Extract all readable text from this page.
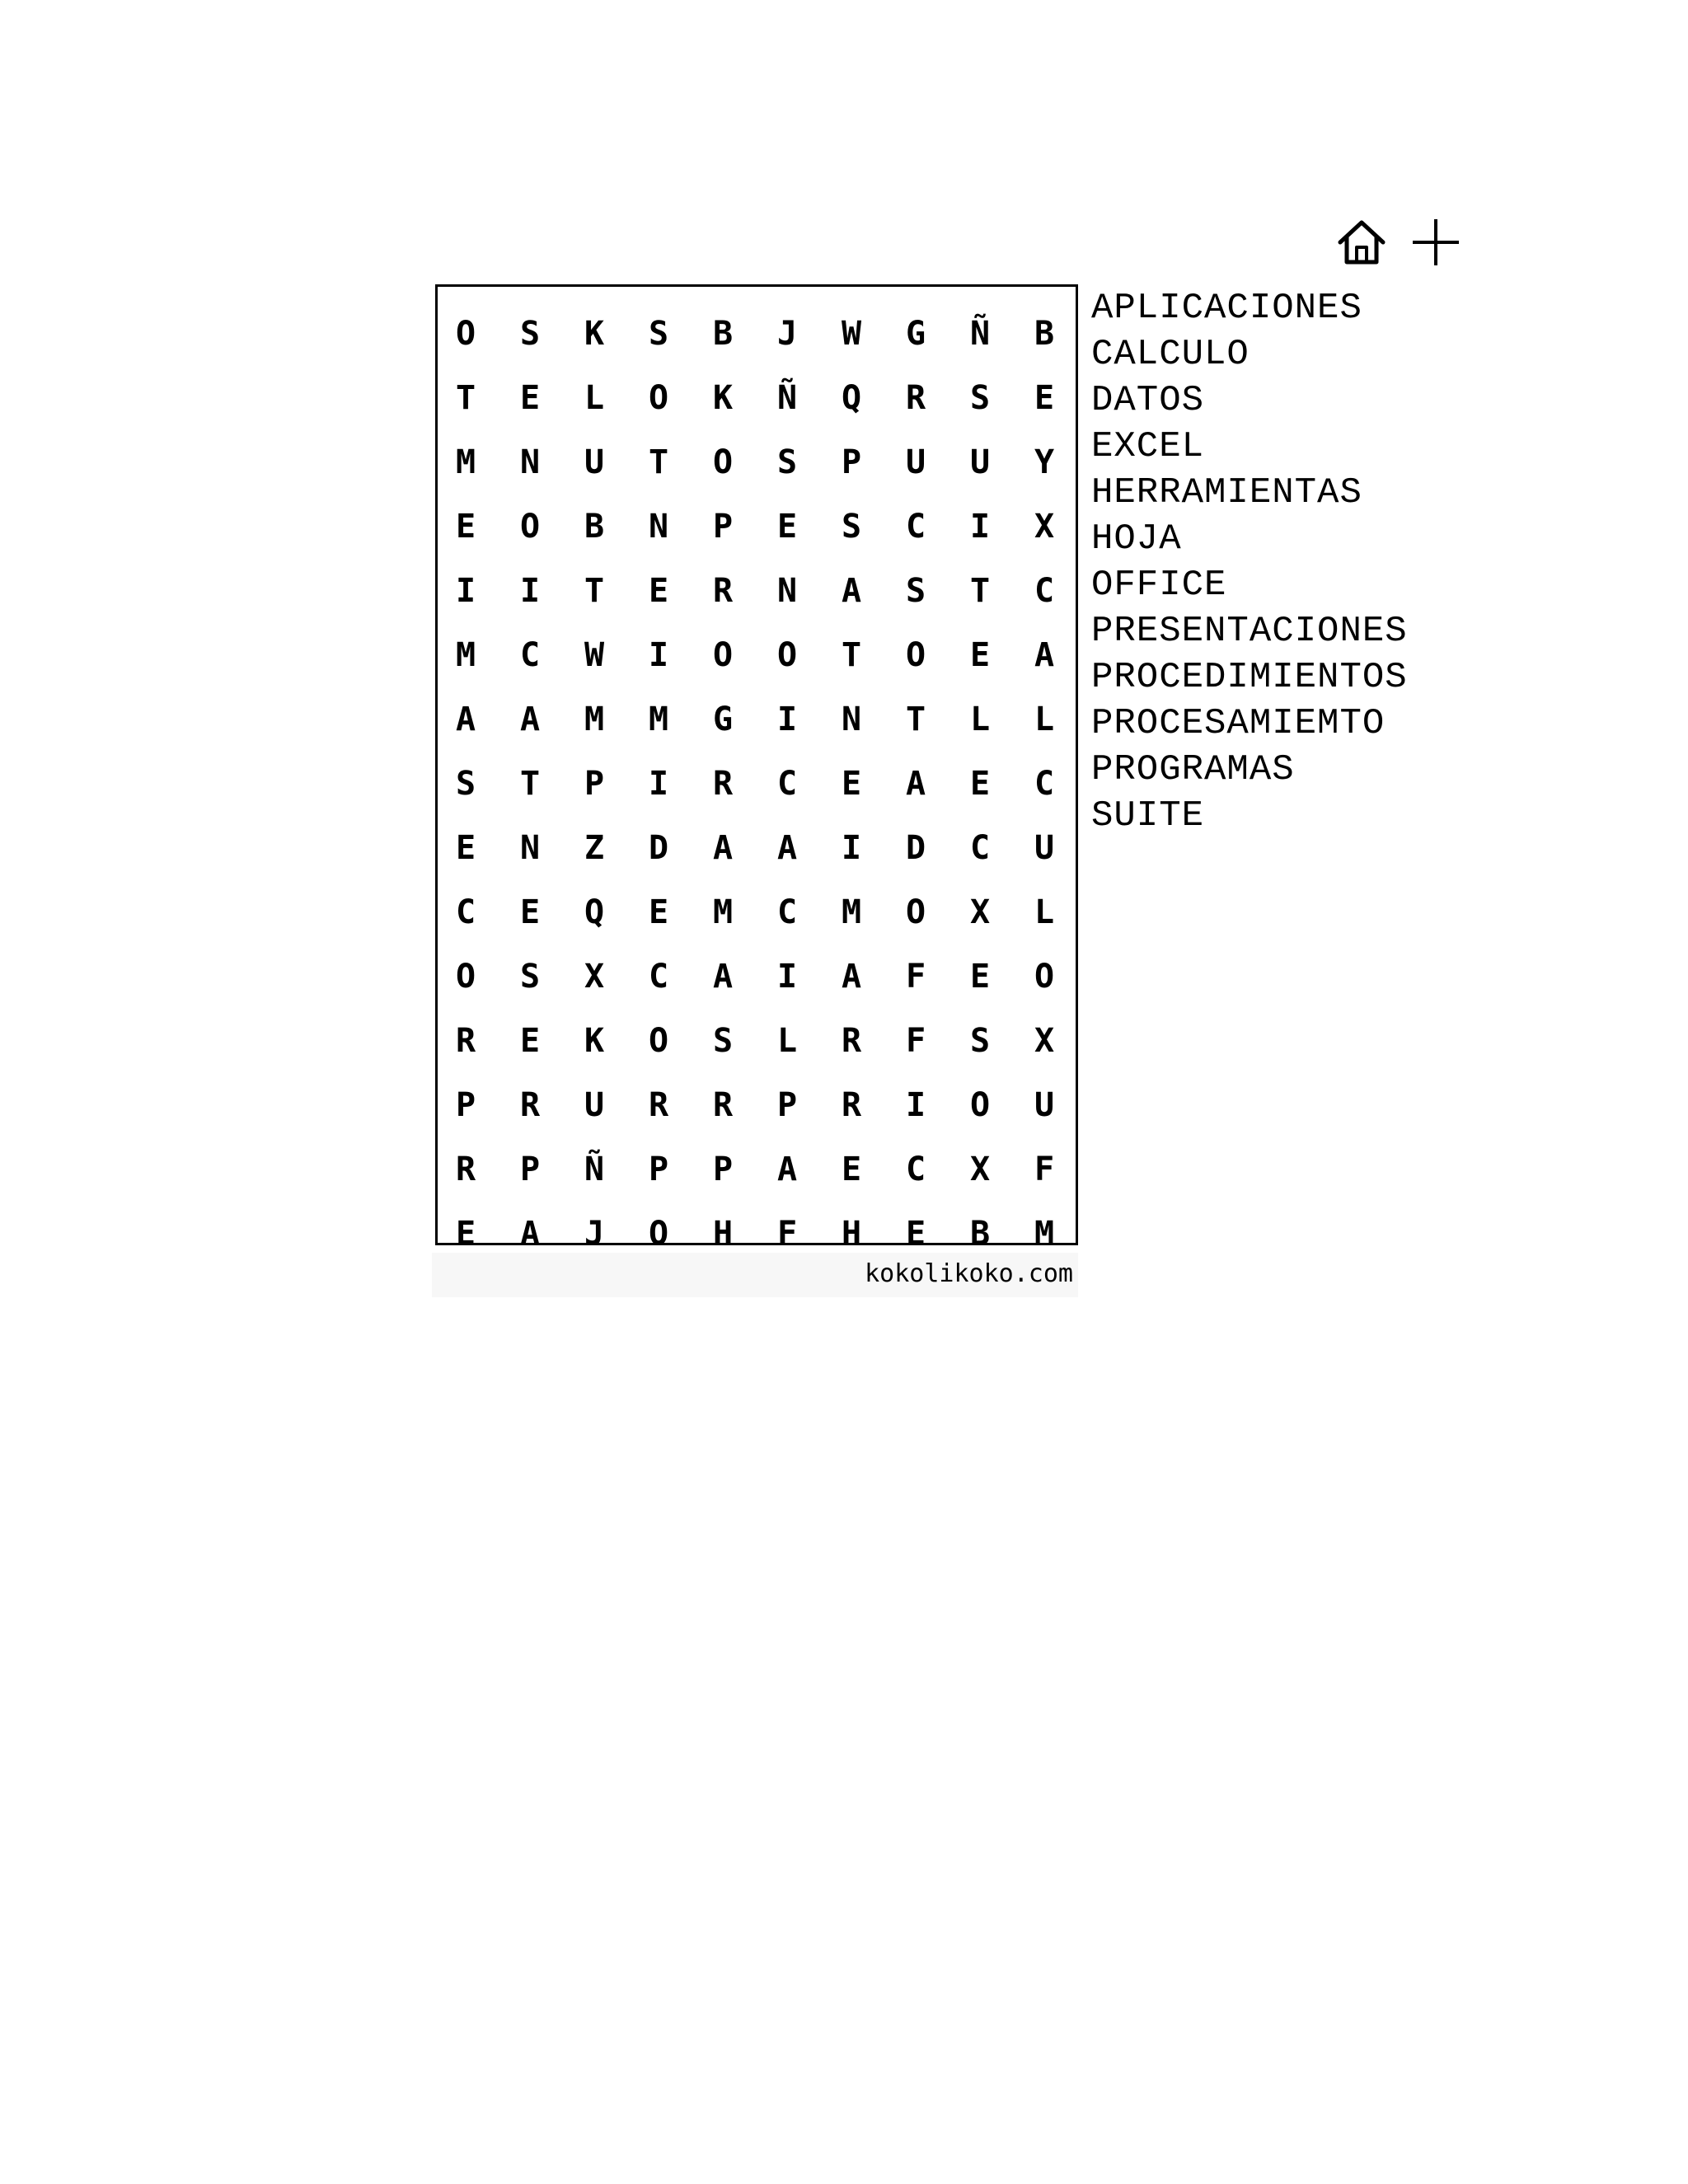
O	S	K	S	B	J	W	G	Ñ	B
T	E	L	O	K	Ñ	Q	R	S	E
M	N	U	T	O	S	P	U	U	Y
E	O	B	N	P	E	S	C	I	X
I	I	T	E	R	N	A	S	T	C
M	C	W	I	O	O	T	O	E	A
A	A	M	M	G	I	N	T	L	L
S	T	P	I	R	C	E	A	E	C
E	N	Z	D	A	A	I	D	C	U
C	E	Q	E	M	C	M	O	X	L
O	S	X	C	A	I	A	F	E	O
R	E	K	O	S	L	R	F	S	X
P	R	U	R	R	P	R	I	O	U
R	P	Ñ	P	P	A	E	C	X	F
E	A	J	O	H	F	H	E	B	M
kokolikoko.com
APLICACIONES
CALCULO
DATOS
EXCEL
HERRAMIENTAS
HOJA
OFFICE
PRESENTACIONES
PROCEDIMIENTOS
PROCESAMIEMTO
PROGRAMAS
SUITE
